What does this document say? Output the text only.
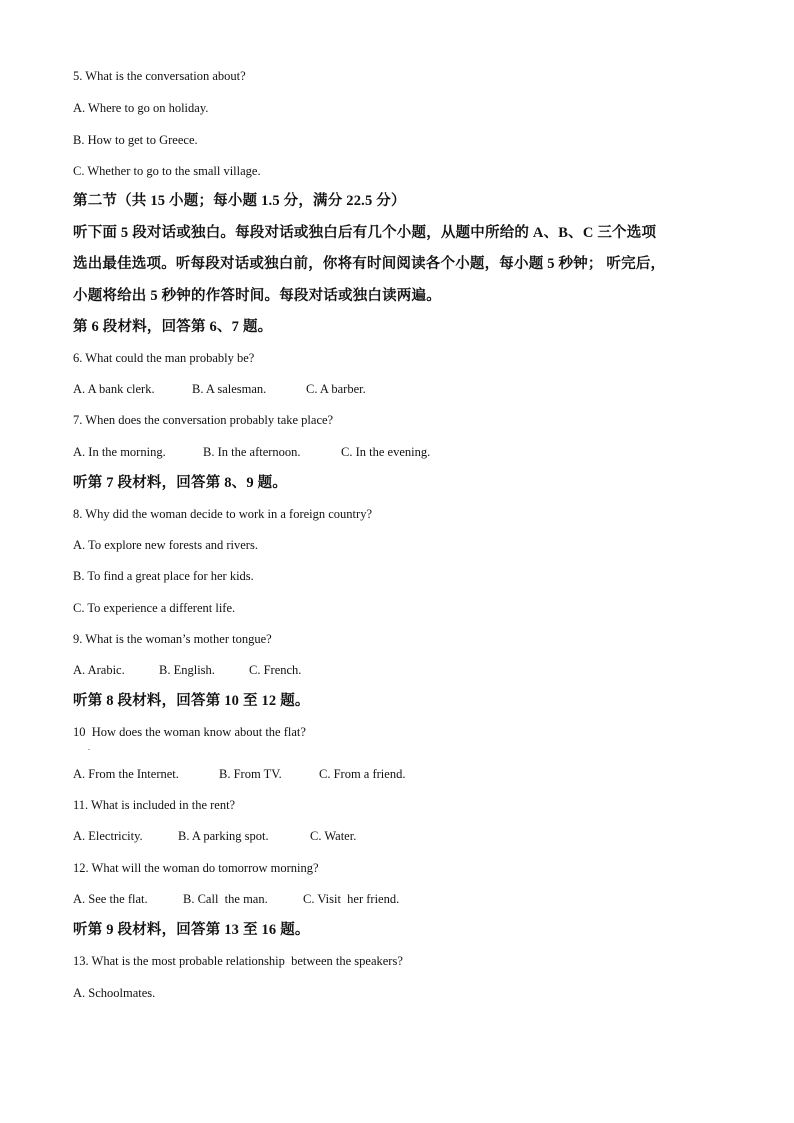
5. What is the conversation about?
A. Where to go on holiday.
B. How to get to Greece.
C. Whether to go to the small village.
第二节（共 15 小题；每小题 1.5 分，满分 22.5 分）
听下面 5 段对话或独白。每段对话或独白后有几个小题，从题中所给的 A、B、C 三个选项
选出最佳选项。听每段对话或独白前，你将有时间阅读各个小题，每小题 5 秒钟； 听完后，
小题将给出 5 秒钟的作答时间。每段对话或独白读两遍。
第 6 段材料，回答第 6、7 题。
6. What could the man probably be?

A. A bank clerk.

	B. A salesman.

	C. A barber.

7. When does the conversation probably take place?

A. In the morning.

	B. In the afternoon.

	C. In the evening.

听第 7 段材料，回答第 8、9 题。
8. Why did the woman decide to work in a foreign country?
A. To explore new forests and rivers.
B. To find a great place for her kids.
C. To experience a different life.
9. What is the woman’s mother tongue?

A. Arabic.

	B. English.

	C. French.

听第 8 段材料，回答第 10 至 12 题。
10  How does the woman know about the flat?
.

A. From the Internet.

	B. From TV.

	C. From a friend.

11. What is included in the rent?

A. Electricity.

	B. A parking spot.

	C. Water.

12. What will the woman do tomorrow morning?

A. See the flat.

	B. Call  the man.

	C. Visit  her friend.

听第 9 段材料，回答第 13 至 16 题。
13. What is the most probable relationship  between the speakers?
A. Schoolmates.
